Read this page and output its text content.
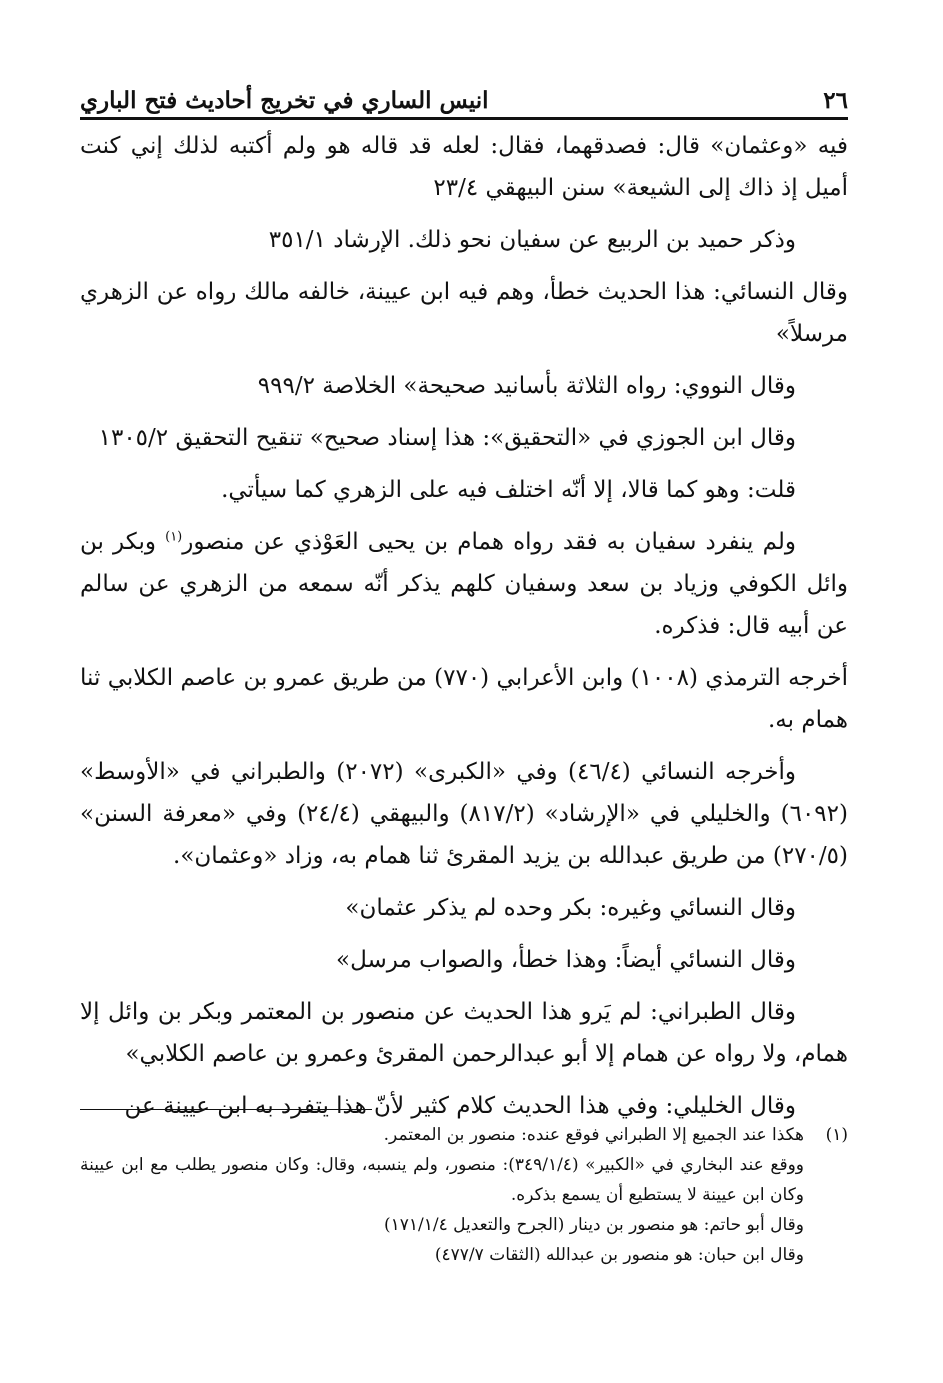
٢٦
انيس الساري في تخريج أحاديث فتح الباري

فيه «وعثمان» قال: فصدقهما، فقال: لعله قد قاله هو ولم أكتبه لذلك إني كنت أميل إذ ذاك إلى الشيعة» سنن البيهقي ٢٣/٤

وذكر حميد بن الربيع عن سفيان نحو ذلك. الإرشاد ٣٥١/١

وقال النسائي: هذا الحديث خطأ، وهم فيه ابن عيينة، خالفه مالك رواه عن الزهري مرسلاً»

وقال النووي: رواه الثلاثة بأسانيد صحيحة» الخلاصة ٩٩٩/٢

وقال ابن الجوزي في «التحقيق»: هذا إسناد صحيح» تنقيح التحقيق ١٣٠٥/٢

قلت: وهو كما قالا، إلا أنّه اختلف فيه على الزهري كما سيأتي.

ولم ينفرد سفيان به فقد رواه همام بن يحيى العَوْذي عن منصور$^{(١)}$ وبكر بن وائل الكوفي وزياد بن سعد وسفيان كلهم يذكر أنّه سمعه من الزهري عن سالم عن أبيه قال: فذكره.

أخرجه الترمذي (١٠٠٨) وابن الأعرابي (٧٧٠) من طريق عمرو بن عاصم الكلابي ثنا همام به.

وأخرجه النسائي (٤٦/٤) وفي «الكبرى» (٢٠٧٢) والطبراني في «الأوسط» (٦٠٩٢) والخليلي في «الإرشاد» (٨١٧/٢) والبيهقي (٢٤/٤) وفي «معرفة السنن» (٢٧٠/٥) من طريق عبدالله بن يزيد المقرئ ثنا همام به، وزاد «وعثمان».

وقال النسائي وغيره: بكر وحده لم يذكر عثمان»

وقال النسائي أيضاً: وهذا خطأ، والصواب مرسل»

وقال الطبراني: لم يَرو هذا الحديث عن منصور بن المعتمر وبكر بن وائل إلا همام، ولا رواه عن همام إلا أبو عبدالرحمن المقرئ وعمرو بن عاصم الكلابي»

وقال الخليلي: وفي هذا الحديث كلام كثير لأنّ هذا يتفرد به ابن عيينة عن

(١)هكذا عند الجميع إلا الطبراني فوقع عنده: منصور بن المعتمر.

ووقع عند البخاري في «الكبير» (٣٤٩/١/٤): منصور، ولم ينسبه، وقال: وكان منصور يطلب مع ابن عيينة وكان ابن عيينة لا يستطيع أن يسمع بذكره.

وقال أبو حاتم: هو منصور بن دينار (الجرح والتعديل ١٧١/١/٤)

وقال ابن حبان: هو منصور بن عبدالله (الثقات ٤٧٧/٧)
